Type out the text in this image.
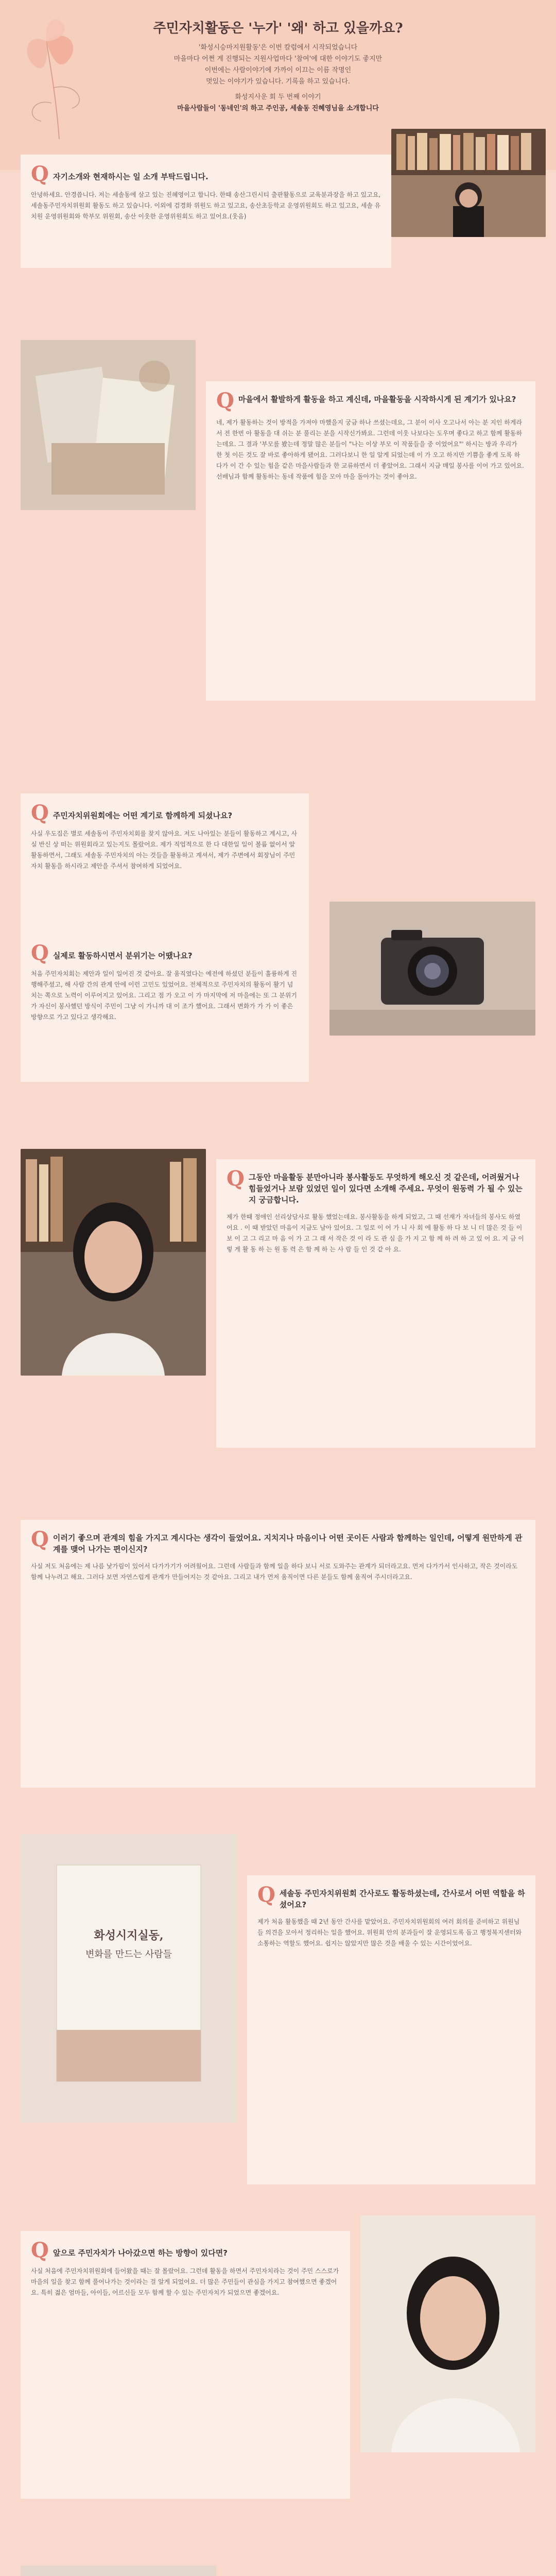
주민자치활동은 '누가' '왜' 하고 있을까요?
'화성시승마지원활동'은 이번 칼럼에서 시작되었습니다
마을마다 어쩐 게 진행되는 지원사업마다 '참여'에 대한 이야기도 좋지만
이번에는 사람이야기에 가까이 이끄는 이름 작명인
멋있는 이야기가 있습니다. 기록을 하고 있습니다.
화성지사운 회 두 번째 이야기
마을사람들이 '동네인'의 하고 주인공, 세솔동 진혜영님을 소개합니다
Q 자기소개와 현재하시는 일 소개 부탁드립니다.
안녕하세요. 안경씁니다. 저는 세솔동에 살고 있는 진혜영이고 합니다. 한때 송산그린시티 출판활동으로 교육분과장을 하고 있고요, 세솔동주민자치위원회 활동도 하고 있습니다. 이외에 검경화 위원도 하고 있고요, 송산초등학교 운영위원회도 하고 있고요, 세솔 유치원 운영위원회와 학부모 위원회, 송산 이웃한 운영위원회도 하고 있어요.(웃음)
Q 마을에서 활발하게 활동을 하고 계신데, 마을활동을 시작하시게 된 계기가 있나요?
네, 제가 활동하는 것이 방적을 가져야 마했을지 궁금 하나 쓰셨는데요, 그 분이 이사 오고나서 아는 분 지인 하게라서 전 한번 아 활동을 대 쉬는 분 풀리는 분을 시작신가봐요. 그런데 이웃 나보다는 도우며 좋다고 하고 함께 활동하는데요. 그 결과 '부모를 봤는데 정말 많은 분들이 "나는 이상 부모 이 작품들을 중 이었어요"' 하시는 방과 우리가 한 첫 이든 것도 잘 바로 좋아하게 됐어요. 그러다보니 한 일 알게 되었는데 이 가 오고 하지만 기쁨을 좋게 도록 하다가 이 간 수 있는 힘을 같은 마을사람들과 한 교류하면서 더 좋았어요. 그래서 지금 매일 봉사를 이어 가고 있어요. 선배님과 함께 활동하는 동네 작품에 힘을 모아 마을 돌아가는 것이 좋아요.
Q 주민자치위원회에는 어떤 계기로 함께하게 되셨나요?
사실 우도집은 별로 세솔동이 주민자치회를 찾지 않아요. 저도 나아있는 분들이 활동하고 계시고, 사실 반신 상 떠는 위원회라고 있는지도 몰랐어요. 제가 직업적으로 한 다 대한일 일이 볼륨 없이서 알 활동하면서, 그래도 세솔동 주민자치의 아는 것들을 활동하고 계셔서, 제가 주변에서 회장님이 주민자치 활동을 하시라고 제안을 주셔서 참여하게 되었어요.
Q 실제로 활동하시면서 분위기는 어땠나요?
처음 주민자치회는 제안과 일이 일어진 것 같아요. 잘 움직였다는 예전에 하셨던 분들이 훌륭하게 진행해주셨고, 해 사람 간의 관계 안에 이런 고민도 있었어요. 전체적으로 주민자치의 활동이 활기 넘치는 쪽으로 노력이 이루어지고 있어요. 그리고 점 가 오고 이 가 마지막에 저 마을에는 또 그 분위기 가 자신이 봉사했던 방식이 주민이 그냥 이 가니까 대 이 조가 했어요. 그래서 변화가 가 가 이 좋은 방향으로 가고 있다고 생각해요.
Q 그동안 마을활동 분만아니라 봉사활동도 무엇하게 해오신 것 같은데, 어려웠거나 힘들었거나 보람 있었던 일이 있다면 소개해 주세요. 무엇이 원동력 가 될 수 있는지 궁금합니다.
제가 한때 정애인 선리상담사로 활동 했었는데요. 봉사활동을 하게 되었고, 그 때 선재가 자녀들의 봉사도 하였어요 . 이 때 받았던 마음이 지금도 남아 있어요. 그 일로 이 어 가 니 사 회 에 활동 하 다 보 니 더 많은 것 들 이 보 이 고 그 리고 마 음 이 가 고 그 래 서 작은 것 이 라 도 관 심 을 가 지 고 함 께 하 려 하 고 있 어 요. 지 금 이 렇 게 활 동 하 는 원 동 력 은 함 께 하 는 사 람 들 인 것 같 아 요.
Q 이러기 좋으며 관계의 힘을 가지고 계시다는 생각이 들었어요. 지치지나 마음이나 어떤 곳이든 사람과 함께하는 일인데, 어떻게 원만하게 관계를 맺어 나가는 편이신지?
사실 저도 처음에는 제 나름 낯가림이 있어서 다가가기가 어려웠어요. 그런데 사람들과 함께 일을 하다 보니 서로 도와주는 관계가 되더라고요. 먼저 다가가서 인사하고, 작은 것이라도 함께 나누려고 해요. 그러다 보면 자연스럽게 관계가 만들어지는 것 같아요. 그리고 내가 먼저 움직이면 다른 분들도 함께 움직여 주시더라고요.
화성시지실동,
변화를 만드는 사람들
Q 세솔동 주민자치위원회 간사로도 활동하셨는데, 간사로서 어떤 역할을 하셨어요?
제가 처음 활동했을 때 2년 동안 간사를 맡았어요. 주민자치위원회의 여러 회의를 준비하고 위원님들 의견을 모아서 정리하는 일을 했어요. 위원회 안의 분과들이 잘 운영되도록 돕고 행정복지센터와 소통하는 역할도 했어요. 쉽지는 않았지만 많은 것을 배울 수 있는 시간이었어요.
Q 앞으로 주민자치가 나아갔으면 하는 방향이 있다면?
사실 처음에 주민자치위원회에 들어왔을 때는 잘 몰랐어요. 그런데 활동을 하면서 주민자치라는 것이 주민 스스로가 마을의 일을 찾고 함께 풀어나가는 것이라는 걸 알게 되었어요. 더 많은 주민들이 관심을 가지고 참여했으면 좋겠어요. 특히 젊은 엄마들, 아이들, 어르신들 모두 함께 할 수 있는 주민자치가 되었으면 좋겠어요.
